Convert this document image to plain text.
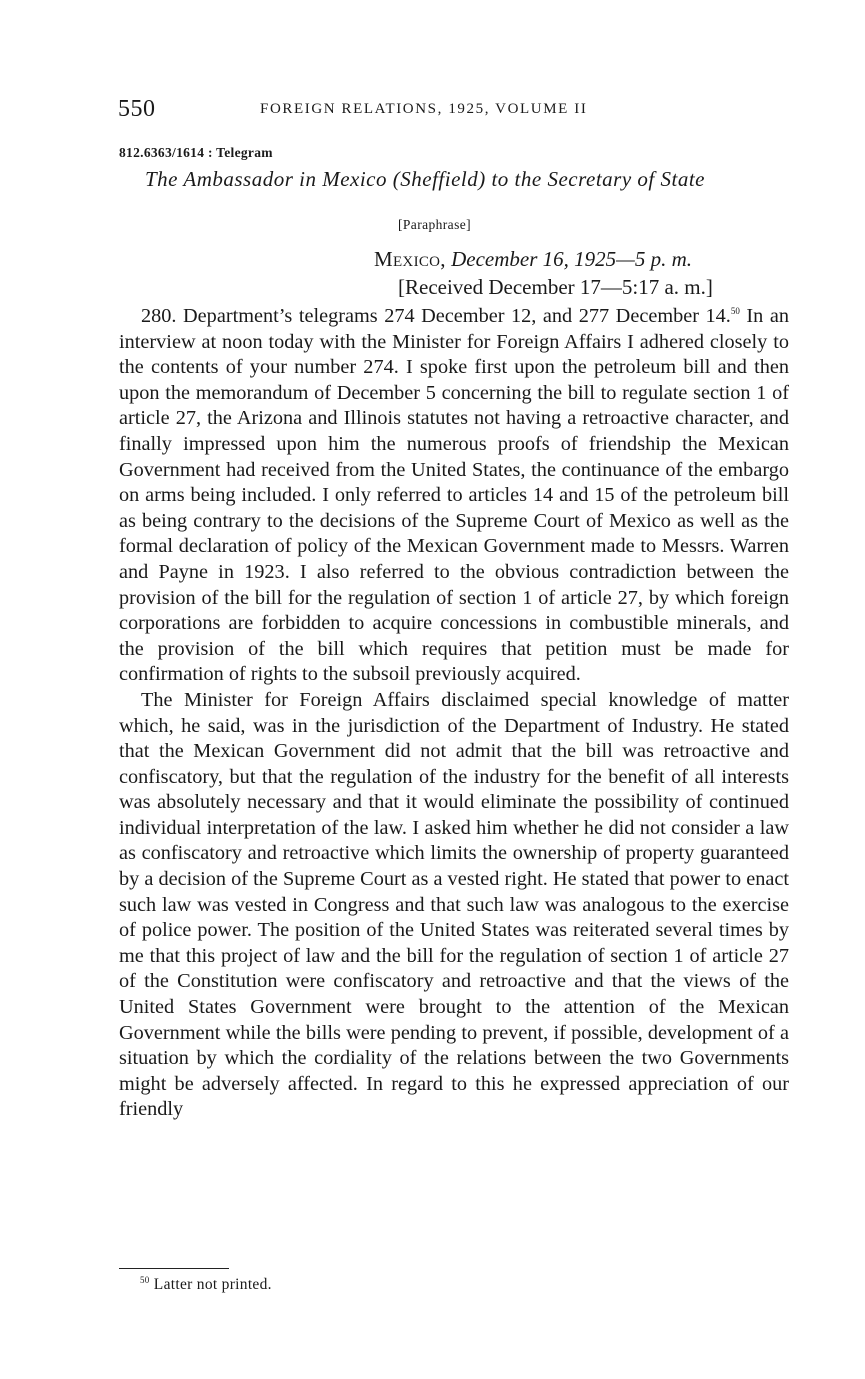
550	FOREIGN RELATIONS, 1925, VOLUME II
812.6363/1614 : Telegram
The Ambassador in Mexico (Sheffield) to the Secretary of State
[Paraphrase]
Mexico, December 16, 1925—5 p. m.
[Received December 17—5:17 a. m.]

280. Department’s telegrams 274 December 12, and 277 December 14.50 In an interview at noon today with the Minister for Foreign Affairs I adhered closely to the contents of your number 274. I spoke first upon the petroleum bill and then upon the memorandum of December 5 concerning the bill to regulate section 1 of article 27, the Arizona and Illinois statutes not having a retroactive character, and finally impressed upon him the numerous proofs of friendship the Mexican Government had received from the United States, the continuance of the embargo on arms being included. I only referred to articles 14 and 15 of the petroleum bill as being contrary to the decisions of the Supreme Court of Mexico as well as the formal declaration of policy of the Mexican Government made to Messrs. Warren and Payne in 1923. I also referred to the obvious contradiction between the provision of the bill for the regulation of section 1 of article 27, by which foreign corporations are forbidden to acquire concessions in combustible minerals, and the provision of the bill which requires that petition must be made for confirmation of rights to the subsoil previously acquired.

The Minister for Foreign Affairs disclaimed special knowledge of matter which, he said, was in the jurisdiction of the Department of Industry. He stated that the Mexican Government did not admit that the bill was retroactive and confiscatory, but that the regulation of the industry for the benefit of all interests was absolutely necessary and that it would eliminate the possibility of continued individual interpretation of the law. I asked him whether he did not consider a law as confiscatory and retroactive which limits the ownership of property guaranteed by a decision of the Supreme Court as a vested right. He stated that power to enact such law was vested in Congress and that such law was analogous to the exercise of police power. The position of the United States was reiterated several times by me that this project of law and the bill for the regulation of section 1 of article 27 of the Constitution were confiscatory and retroactive and that the views of the United States Government were brought to the attention of the Mexican Government while the bills were pending to prevent, if possible, development of a situation by which the cordiality of the relations between the two Governments might be adversely affected. In regard to this he expressed appreciation of our friendly

$^{50}$ Latter not printed.
